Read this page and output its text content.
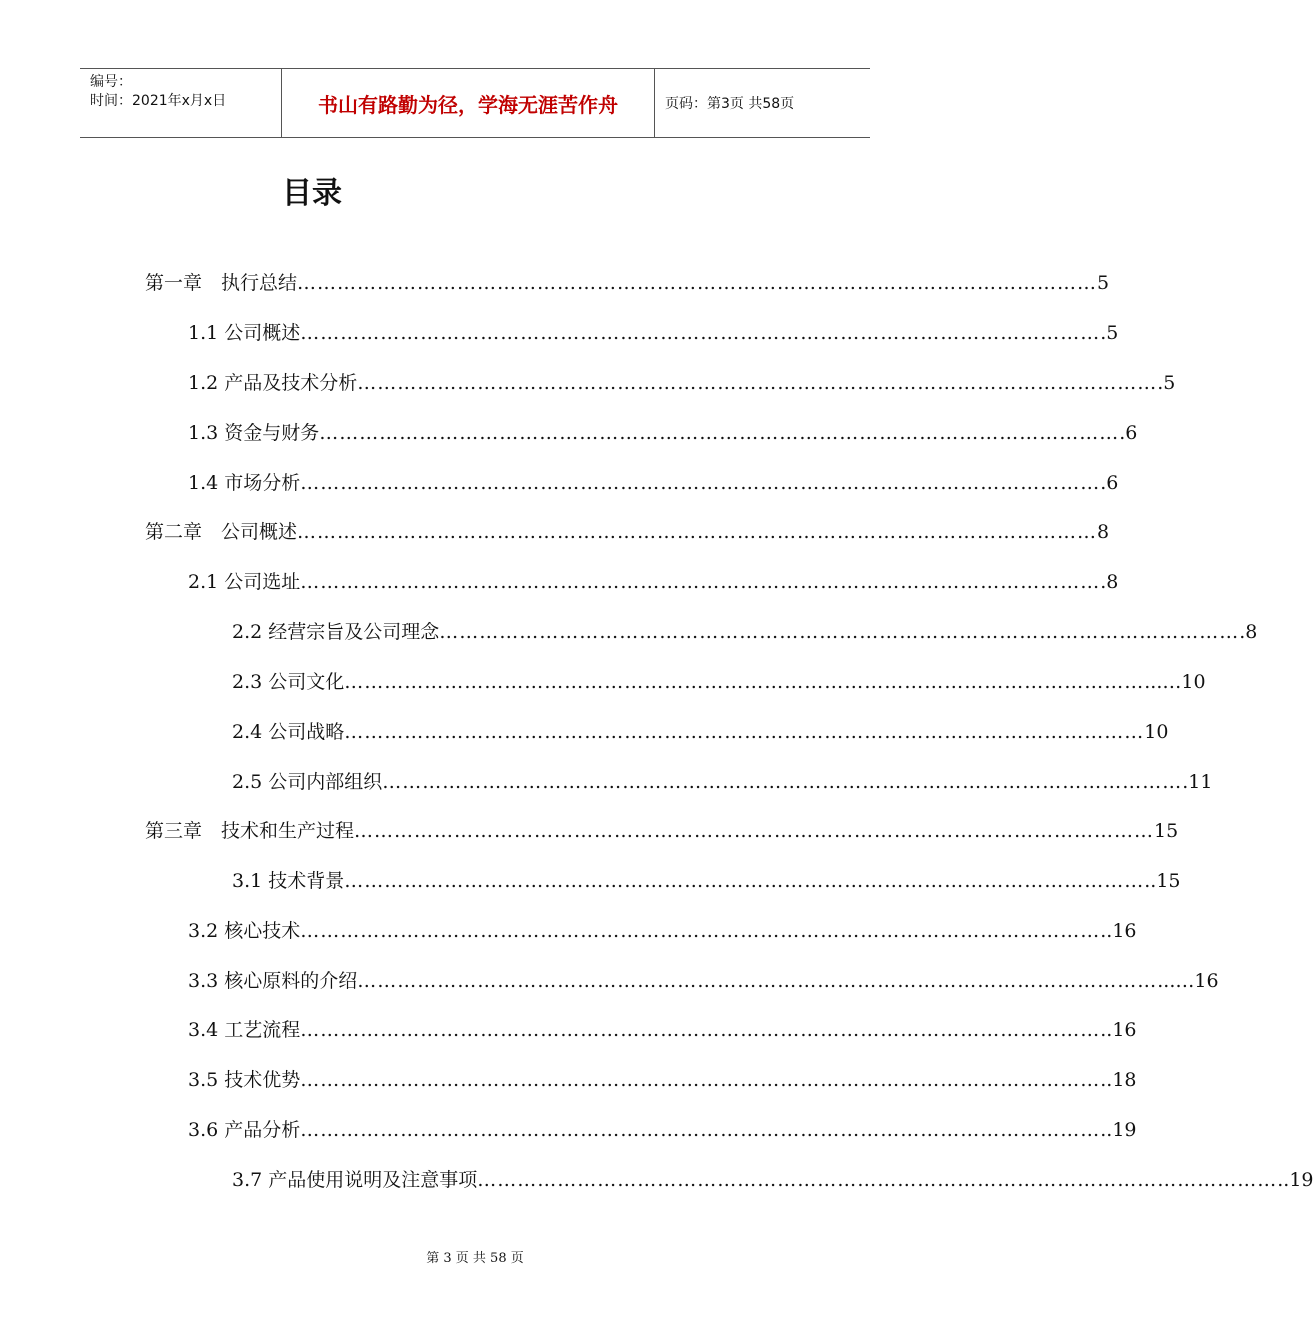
编号：
时间：2021年x月x日	书山有路勤为径，学海无涯苦作舟	页码：第3页 共58页
目录
第一章　执行总结 ………………………………………………………………………………………………………… 5
1.1 公司概述 ………………………………………………………………………………………………………… .5
1.2 产品及技术分析 ………………………………………………………………………………………………………… .5
1.3 资金与财务 ………………………………………………………………………………………………………… .6
1.4 市场分析 ………………………………………………………………………………………………………… .6
第二章　公司概述 ………………………………………………………………………………………………………… 8
2.1 公司选址 ………………………………………………………………………………………………………… .8
2.2 经营宗旨及公司理念 ………………………………………………………………………………………………………… .8
2.3 公司文化 ………………………………………………………………………………………………………… ...…10
2.4 公司战略 ………………………………………………………………………………………………………… 10
2.5 公司内部组织 ………………………………………………………………………………………………………… .11
第三章　技术和生产过程 ………………………………………………………………………………………………………… 15
3.1 技术背景 ………………………………………………………………………………………………………… ..15
3.2 核心技术 ………………………………………………………………………………………………………… ..16
3.3 核心原料的介绍 ………………………………………………………………………………………………………… ...…16
3.4 工艺流程 ………………………………………………………………………………………………………… ..16
3.5 技术优势 ………………………………………………………………………………………………………… ..18
3.6 产品分析 ………………………………………………………………………………………………………… ..19
3.7 产品使用说明及注意事项 ………………………………………………………………………………………………………… ..19
第 3 页 共 58 页
